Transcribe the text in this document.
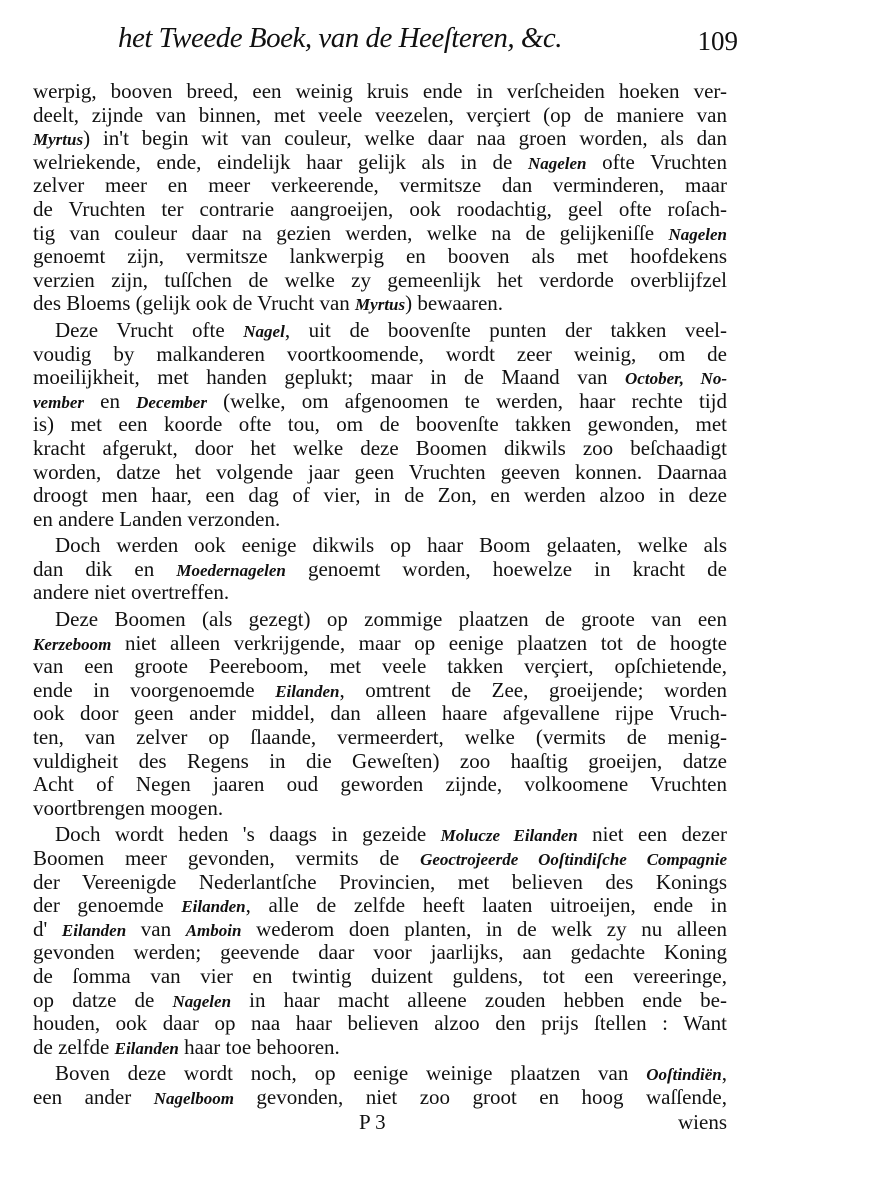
het Tweede Boek, van de Heeſteren, &c.	109
werpig, booven breed, een weinig kruis ende in verſcheiden hoeken ver-
deelt, zijnde van binnen, met veele veezelen, verçiert (op de maniere van
Myrtus) in't begin wit van couleur, welke daar naa groen worden, als dan
welriekende, ende, eindelijk haar gelijk als in de Nagelen ofte Vruchten
zelver meer en meer verkeerende, vermitsze dan verminderen, maar
de Vruchten ter contrarie aangroeijen, ook roodachtig, geel ofte roſach-
tig van couleur daar na gezien werden, welke na de gelijkeniſſe Nagelen
genoemt zijn, vermitsze lankwerpig en booven als met hoofdekens
verzien zijn, tuſſchen de welke zy gemeenlijk het verdorde overblijfzel
des Bloems (gelijk ook de Vrucht van Myrtus) bewaaren.
Deze Vrucht ofte Nagel, uit de boovenſte punten der takken veel-
voudig by malkanderen voortkoomende, wordt zeer weinig, om de
moeilijkheit, met handen geplukt; maar in de Maand van October, No-
vember en December (welke, om afgenoomen te werden, haar rechte tijd
is) met een koorde ofte tou, om de boovenſte takken gewonden, met
kracht afgerukt, door het welke deze Boomen dikwils zoo beſchaadigt
worden, datze het volgende jaar geen Vruchten geeven konnen. Daarnaa
droogt men haar, een dag of vier, in de Zon, en werden alzoo in deze
en andere Landen verzonden.
Doch werden ook eenige dikwils op haar Boom gelaaten, welke als
dan dik en Moedernagelen genoemt worden, hoewelze in kracht de
andere niet overtreffen.
Deze Boomen (als gezegt) op zommige plaatzen de groote van een
Kerzeboom niet alleen verkrijgende, maar op eenige plaatzen tot de hoogte
van een groote Peereboom, met veele takken verçiert, opſchietende,
ende in voorgenoemde Eilanden, omtrent de Zee, groeijende; worden
ook door geen ander middel, dan alleen haare afgevallene rijpe Vruch-
ten, van zelver op ſlaande, vermeerdert, welke (vermits de menig-
vuldigheit des Regens in die Geweſten) zoo haaſtig groeijen, datze
Acht of Negen jaaren oud geworden zijnde, volkoomene Vruchten
voortbrengen moogen.
Doch wordt heden 's daags in gezeide Molucze Eilanden niet een dezer
Boomen meer gevonden, vermits de Geoctrojeerde Ooſtindiſche Compagnie
der Vereenigde Nederlantſche Provincien, met believen des Konings
der genoemde Eilanden, alle de zelfde heeft laaten uitroeijen, ende in
d' Eilanden van Amboin wederom doen planten, in de welk zy nu alleen
gevonden werden; geevende daar voor jaarlijks, aan gedachte Koning
de ſomma van vier en twintig duizent guldens, tot een vereeringe,
op datze de Nagelen in haar macht alleene zouden hebben ende be-
houden, ook daar op naa haar believen alzoo den prijs ſtellen : Want
de zelfde Eilanden haar toe behooren.
Boven deze wordt noch, op eenige weinige plaatzen van Ooſtindiën,
een ander Nagelboom gevonden, niet zoo groot en hoog waſſende,
P 3	wiens
